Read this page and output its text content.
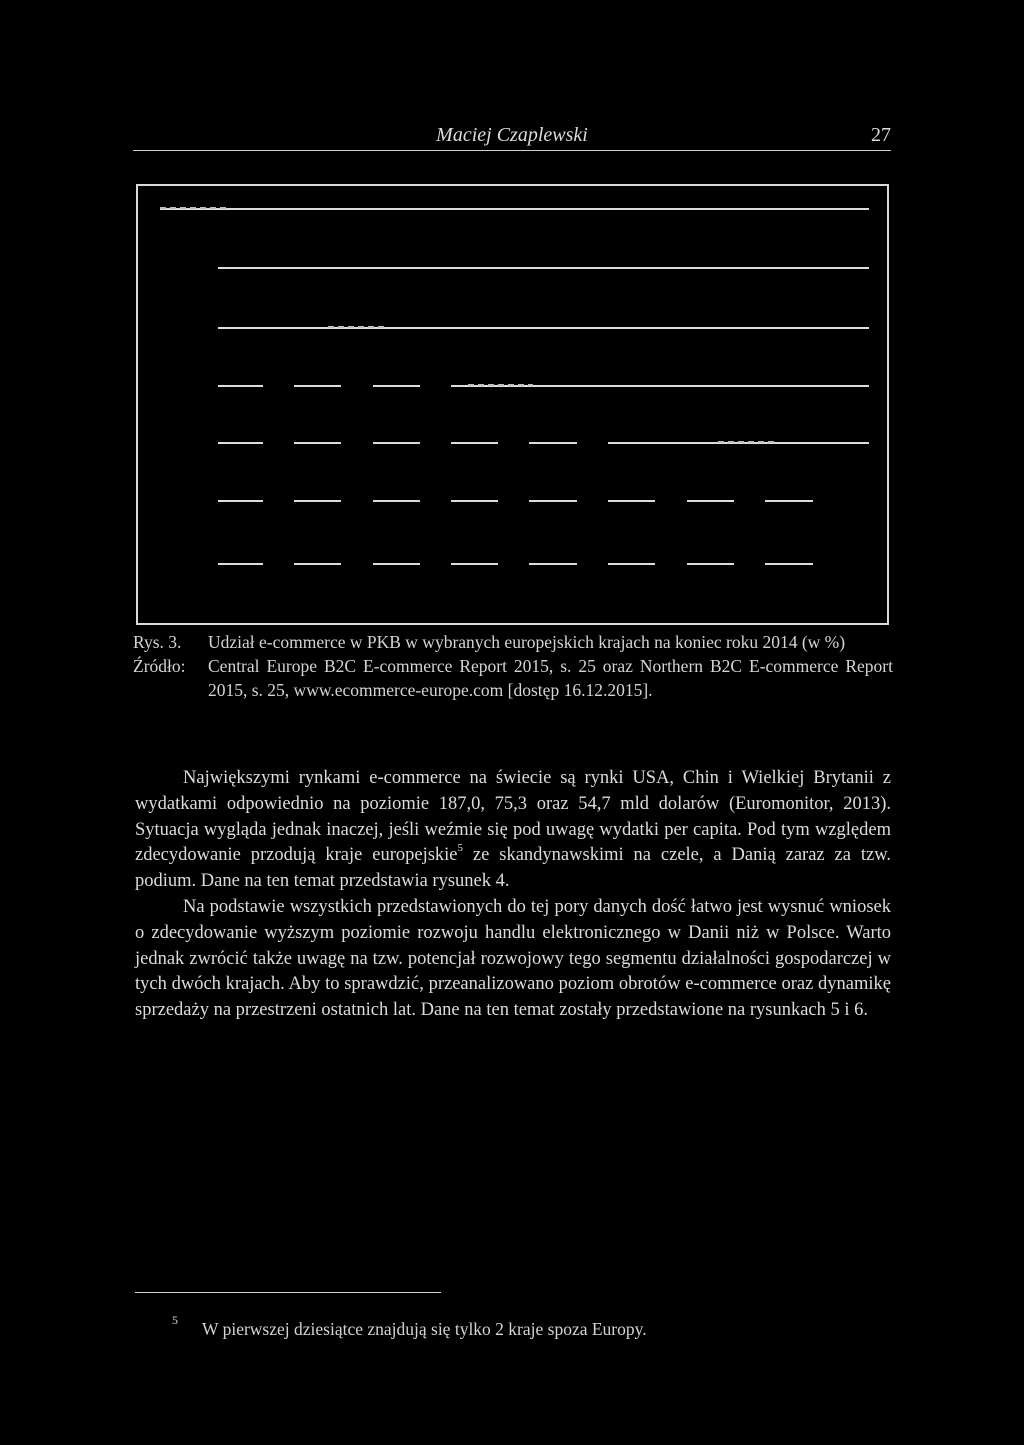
Maciej Czaplewski	27
Rys. 3.	Udział e-commerce w PKB w wybranych europejskich krajach na koniec roku 2014 (w %)
Źródło:	Central Europe B2C E-commerce Report 2015, s. 25 oraz Northern B2C E-commerce Report 2015, s. 25, www.ecommerce-europe.com [dostęp 16.12.2015].

Największymi rynkami e-commerce na świecie są rynki USA, Chin i Wielkiej Brytanii z wydatkami odpowiednio na poziomie 187,0, 75,3 oraz 54,7 mld dolarów (Euromonitor, 2013). Sytuacja wygląda jednak inaczej, jeśli weźmie się pod uwagę wydatki per capita. Pod tym względem zdecydowanie przodują kraje europejskie$^5$ ze skandynawskimi na czele, a Danią zaraz za tzw. podium. Dane na ten temat przedstawia rysunek 4.

Na podstawie wszystkich przedstawionych do tej pory danych dość łatwo jest wysnuć wniosek o zdecydowanie wyższym poziomie rozwoju handlu elektronicznego w Danii niż w Polsce. Warto jednak zwrócić także uwagę na tzw. potencjał rozwojowy tego segmentu działalności gospodarczej w tych dwóch krajach. Aby to sprawdzić, przeanalizowano poziom obrotów e-commerce oraz dynamikę sprzedaży na przestrzeni ostatnich lat. Dane na ten temat zostały przedstawione na rysunkach 5 i 6.

5 W pierwszej dziesiątce znajdują się tylko 2 kraje spoza Europy.
